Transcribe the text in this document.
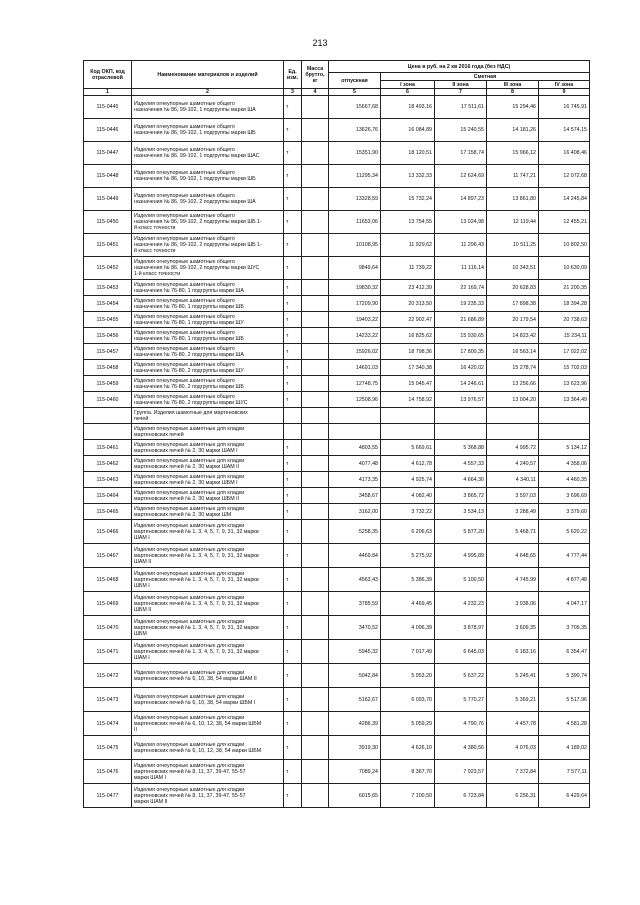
213
Код ОКП, код отраслевой	Наименование материалов и изделий	Ед. изм.	Масса брутто, кг	Цена в руб. на 2 кв 2016 года (без НДС)				
				отпускная	Сметная			
					I зона	II зона	III зона	IV зона
1	2	3	4	5	6	7	8	9
115-0445	Изделия огнеупорные шамотные общего
назначения № 86, 99-102, 1 подгруппы марки ША	т		15667,68	18 493,16	17 511,61	15 294,46	16 745,91
115-0446	Изделия огнеупорные шамотные общего
назначения № 86, 99-102, 1 подгруппы марки ШБ	т		13626,76	16 084,89	15 240,55	14 181,26	14 574,15
115-0447	Изделия огнеупорные шамотные общего
назначения № 86, 99-102, 1 подгруппы марки ШАС	т		15351,90	18 120,51	17 158,74	15 966,12	16 408,46
115-0448	Изделия огнеупорные шамотные общего
назначения № 86, 99-102, 1 подгруппы марки ШБ	т		11295,34	13 332,33	12 624,69	11 747,21	12 072,68
115-0449	Изделия огнеупорные шамотные общего
назначения № 86, 99-102, 2 подгруппы марки ША	т		13328,59	15 732,24	14 897,23	13 861,80	14 245,84
115-0450	Изделия огнеупорные шамотные общего
назначения № 86, 99-102, 2 подгруппы марки ШБ 1-
й класс точности	т		11653,06	13 754,55	13 024,98	12 119,44	12 455,21
115-0451	Изделия огнеупорные шамотные общего
назначения № 86, 99-102, 2 подгруппы марки ШБ 1-
й класс точности	т		10108,95	11 929,62	11 296,43	10 511,25	10 802,50
115-0452	Изделия огнеупорные шамотные общего
назначения № 86, 99-102, 2 подгруппы марки ШУС
1-й класс точности	т		9849,64	11 739,22	11 116,14	10 343,51	10 630,09
115-0453	Изделия огнеупорные шамотные общего
назначения № 76-80, 1 подгруппы марки ША	т		19830,32	23 412,39	22 169,74	20 628,83	21 200,35
115-0454	Изделия огнеупорные шамотные общего
назначения № 76-80, 1 подгруппы марки ШБ	т		17209,90	20 313,50	19 235,33	17 898,38	18 394,28
115-0455	Изделия огнеупорные шамотные общего
назначения № 76-80, 1 подгруппы марки ШУ	т		19403,22	22 902,47	21 686,89	20 179,54	20 738,63
115-0456	Изделия огнеупорные шамотные общего
назначения № 76-80, 1 подгруппы марки ШБ	т		14233,22	16 825,62	15 930,65	14 823,42	15 234,11
115-0457	Изделия огнеупорные шамотные общего
назначения № 76-80, 2 подгруппы марки ША	т		15926,02	18 798,36	17 800,35	16 563,14	17 022,02
115-0458	Изделия огнеупорные шамотные общего
назначения № 76-80, 2 подгруппы марки ШУ	т		14691,03	17 340,38	16 420,02	15 278,74	15 702,03
115-0459	Изделия огнеупорные шамотные общего
назначения № 76-80, 2 подгруппы марки ШБ	т		12748,75	15 045,47	14 246,61	13 256,66	13 623,96
115-0460	Изделия огнеупорные шамотные общего
назначения № 76-80, 2 подгруппы марки ШУС	т		12508,96	14 758,92	13 976,57	13 004,20	13 364,49
	Группа. Изделия шамотные для мартеновских
печей							
	Изделия огнеупорные шамотные для кладки
мартеновских печей							
115-0461	Изделия огнеупорные шамотные для кладки
мартеновских печей № 2, 30 марки ШАМ I	т		4803,55	5 669,61	5 368,88	4 995,72	5 134,12
115-0462	Изделия огнеупорные шамотные для кладки
мартеновских печей № 2, 30 марки ШАМ II	т		4077,48	4 612,78	4 557,33	4 240,57	4 358,06
115-0463	Изделия огнеупорные шамотные для кладки
мартеновских печей № 2, 30 марки ШБМ I	т		4173,35	4 925,74	4 664,30	4 340,11	4 460,35
115-0464	Изделия огнеупорные шамотные для кладки
мартеновских печей № 2, 30 марки ШБМ II	т		3458,67	4 082,40	3 865,72	3 597,03	3 696,69
115-0465	Изделия огнеупорные шамотные для кладки
мартеновских печей № 2, 30 марки ШМ	т		3162,00	3 732,22	3 534,13	3 288,49	3 379,60
115-0466	Изделия огнеупорные шамотные для кладки
мартеновских печей № 1, 3, 4, 5, 7, 9, 31, 32 марки
ШАМ I	т		5258,35	6 206,63	5 877,20	5 468,71	5 620,22
115-0467	Изделия огнеупорные шамотные для кладки
мартеновских печей № 1, 3, 4, 5, 7, 9, 31, 32 марки
ШАМ II	т		4469,84	5 275,92	4 995,89	4 648,65	4 777,44
115-0468	Изделия огнеупорные шамотные для кладки
мартеновских печей № 1, 3, 4, 5, 7, 9, 31, 32 марки
ШБМ I	т		4563,43	5 386,39	5 100,50	4 745,99	4 877,48
115-0469	Изделия огнеупорные шамотные для кладки
мартеновских печей № 1, 3, 4, 5, 7, 9, 31, 32 марки
ШБМ II	т		3785,59	4 469,45	4 232,23	3 938,06	4 047,17
115-0470	Изделия огнеупорные шамотные для кладки
мартеновских печей № 1, 3, 4, 5, 7, 9, 31, 32 марки
ШБМ	т		3470,52	4 096,39	3 878,97	3 609,35	3 709,35
115-0471	Изделия огнеупорные шамотные для кладки
мартеновских печей № 1, 3, 4, 5, 7, 9, 31, 32 марки
ШАМ I	т		5945,32	7 017,49	6 645,03	6 183,16	6 354,47
115-0472	Изделия огнеупорные шамотные для кладки
мартеновских печей № 6, 10, 38, 54 марки ШАМ II	т		5042,84	5 953,20	5 637,22	5 245,41	5 390,74
115-0473	Изделия огнеупорные шамотные для кладки
мартеновских печей № 6, 10, 38, 54 марки ШБМ I	т		5162,67	6 093,70	5 770,27	5 369,21	5 517,96
115-0474	Изделия огнеупорные шамотные для кладки
мартеновских печей № 6, 10, 12, 38, 54 марки ШБМ
II	т		4286,39	5 059,29	4 790,76	4 457,78	4 581,28
115-0475	Изделия огнеупорные шамотные для кладки
мартеновских печей № 6, 10, 12, 38, 54 марки ШБМ	т		3919,30	4 626,10	4 380,56	4 076,03	4 189,02
115-0476	Изделия огнеупорные шамотные для кладки
мартеновских печей № 8, 11, 37, 39-47, 55-57
марки ШАМ I	т		7089,24	8 367,70	7 923,57	7 372,84	7 577,11
115-0477	Изделия огнеупорные шамотные для кладки
мартеновских печей № 8, 11, 37, 39-47, 55-57
марки ШАМ II	т		6015,65	7 100,50	6 723,84	6 256,31	6 429,64
